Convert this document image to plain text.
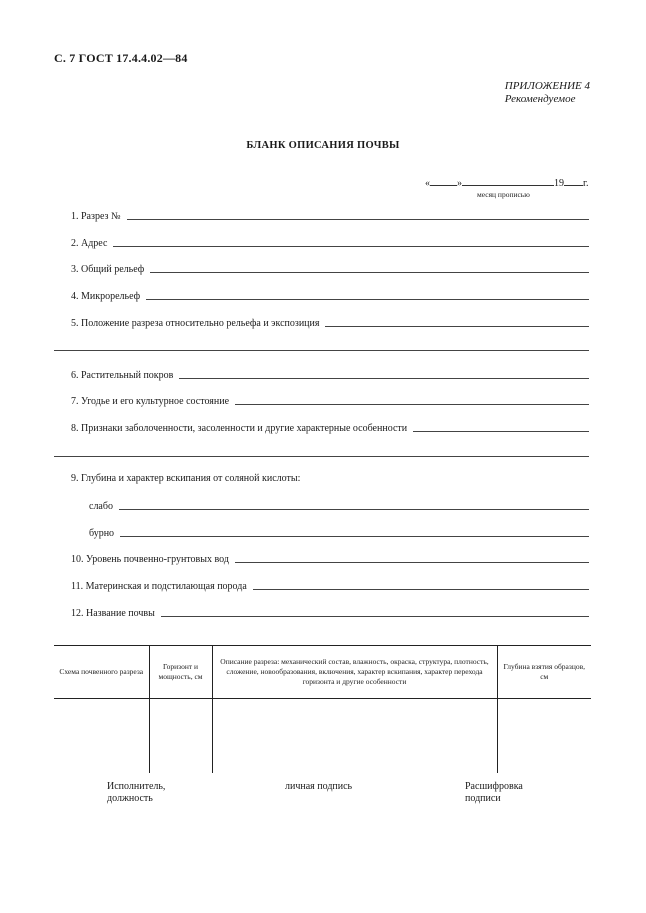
С. 7 ГОСТ 17.4.4.02—84
ПРИЛОЖЕНИЕ 4
Рекомендуемое
БЛАНК ОПИСАНИЯ ПОЧВЫ
«	»	19 г.
месяц прописью
1. Разрез №
2. Адрес
3. Общий рельеф
4. Микрорельеф
5. Положение разреза относительно рельефа и экспозиция
6. Растительный покров
7. Угодье и его культурное состояние
8. Признаки заболоченности, засоленности и другие характерные особенности
9. Глубина и характер вскипания от соляной кислоты:
слабо
бурно
10. Уровень почвенно-грунтовых вод
11. Материнская и подстилающая порода
12. Название почвы
Схема почвенного разреза	Горизонт и мощность, см	Описание разреза: механический состав, влажность, окраска, структура, плотность, сложение, новообразования, включения, характер вскипания, характер перехода горизонта и другие особенности	Глубина взятия образцов, см

Исполнитель, должность
личная подпись	Расшифровка подписи
